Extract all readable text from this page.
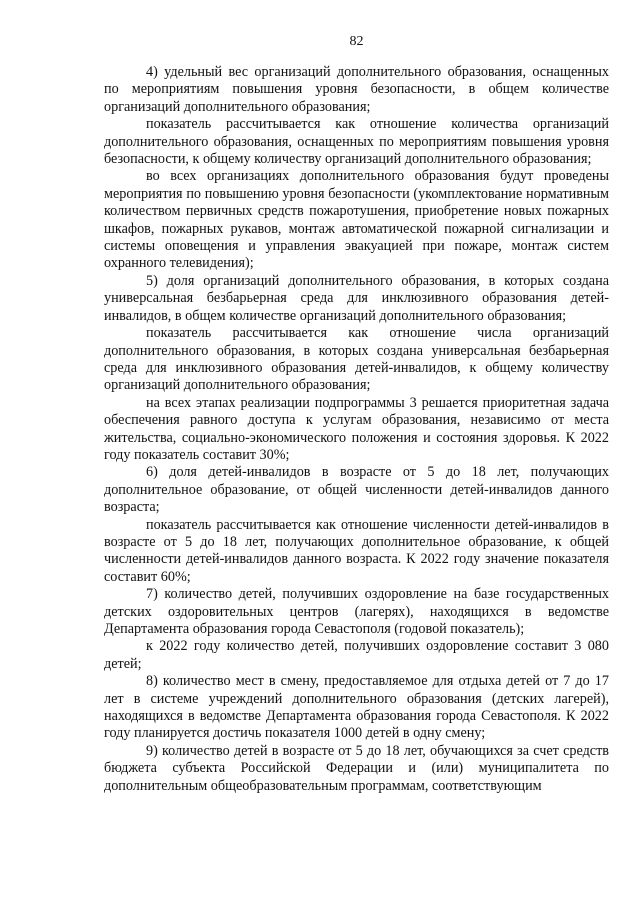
82

4) удельный вес организаций дополнительного образования, оснащенных по мероприятиям повышения уровня безопасности, в общем количестве организаций дополнительного образования;

показатель рассчитывается как отношение количества организаций дополнительного образования, оснащенных по мероприятиям повышения уровня безопасности, к общему количеству организаций дополнительного образования;

во всех организациях дополнительного образования будут проведены мероприятия по повышению уровня безопасности (укомплектование нормативным количеством первичных средств пожаротушения, приобретение новых пожарных шкафов, пожарных рукавов, монтаж автоматической пожарной сигнализации и системы оповещения и управления эвакуацией при пожаре, монтаж систем охранного телевидения);

5) доля организаций дополнительного образования, в которых создана универсальная безбарьерная среда для инклюзивного образования детей-инвалидов, в общем количестве организаций дополнительного образования;

показатель рассчитывается как отношение числа организаций дополнительного образования, в которых создана универсальная безбарьерная среда для инклюзивного образования детей-инвалидов, к общему количеству организаций дополнительного образования;

на всех этапах реализации подпрограммы 3 решается приоритетная задача обеспечения равного доступа к услугам образования, независимо от места жительства, социально-экономического положения и состояния здоровья. К 2022 году показатель составит 30%;

6) доля детей-инвалидов в возрасте от 5 до 18 лет, получающих дополнительное образование, от общей численности детей-инвалидов данного возраста;

показатель рассчитывается как отношение численности детей-инвалидов в возрасте от 5 до 18 лет, получающих дополнительное образование, к общей численности детей-инвалидов данного возраста. К 2022 году значение показателя составит 60%;

7) количество детей, получивших оздоровление на базе государственных детских оздоровительных центров (лагерях), находящихся в ведомстве Департамента образования города Севастополя (годовой показатель);

к 2022 году количество детей, получивших оздоровление составит 3 080 детей;

8) количество мест в смену, предоставляемое для отдыха детей от 7 до 17 лет в системе учреждений дополнительного образования (детских лагерей), находящихся в ведомстве Департамента образования города Севастополя. К 2022 году планируется достичь показателя 1000 детей в одну смену;

9) количество детей в возрасте от 5 до 18 лет, обучающихся за счет средств бюджета субъекта Российской Федерации и (или) муниципалитета по дополнительным общеобразовательным программам, соответствующим
